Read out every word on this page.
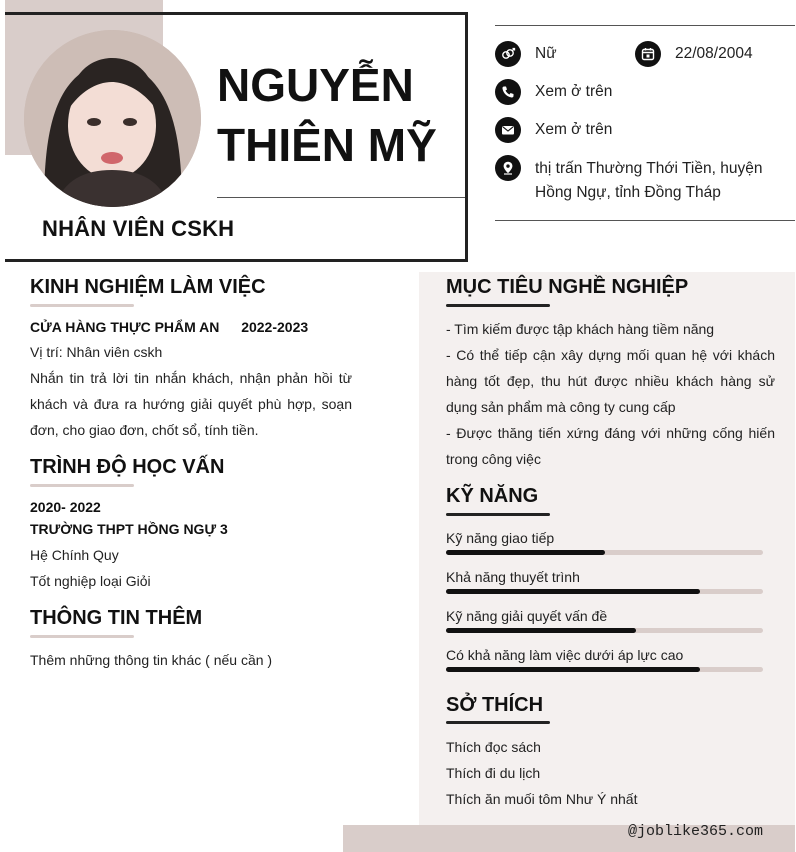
NGUYỄN
THIÊN MỸ
NHÂN VIÊN CSKH
Nữ	22/08/2004
Xem ở trên
Xem ở trên
thị trấn Thường Thới Tiền, huyện
Hồng Ngự, tỉnh Đồng Tháp
KINH NGHIỆM LÀM VIỆC
CỬA HÀNG THỰC PHẨM AN 2022-2023
Vị trí: Nhân viên cskh
Nhắn tin trả lời tin nhắn khách, nhận phản hồi từ
khách và đưa ra hướng giải quyết phù hợp, soạn
đơn, cho giao đơn, chốt sổ, tính tiền.
TRÌNH ĐỘ HỌC VẤN
2020- 2022
TRƯỜNG THPT HỒNG NGỰ 3
Hệ Chính Quy
Tốt nghiệp loại Giỏi
THÔNG TIN THÊM
Thêm những thông tin khác ( nếu cần )
MỤC TIÊU NGHỀ NGHIỆP
- Tìm kiếm được tập khách hàng tiềm năng
- Có thể tiếp cận xây dựng mối quan hệ với khách
hàng tốt đẹp, thu hút được nhiều khách hàng sử
dụng sản phẩm mà công ty cung cấp
- Được thăng tiến xứng đáng với những cống hiến
trong công việc
KỸ NĂNG
Kỹ năng giao tiếp
Khả năng thuyết trình
Kỹ năng giải quyết vấn đề
Có khả năng làm việc dưới áp lực cao
SỞ THÍCH
Thích đọc sách
Thích đi du lịch
Thích ăn muối tôm Như Ý nhất
@joblike365.com
